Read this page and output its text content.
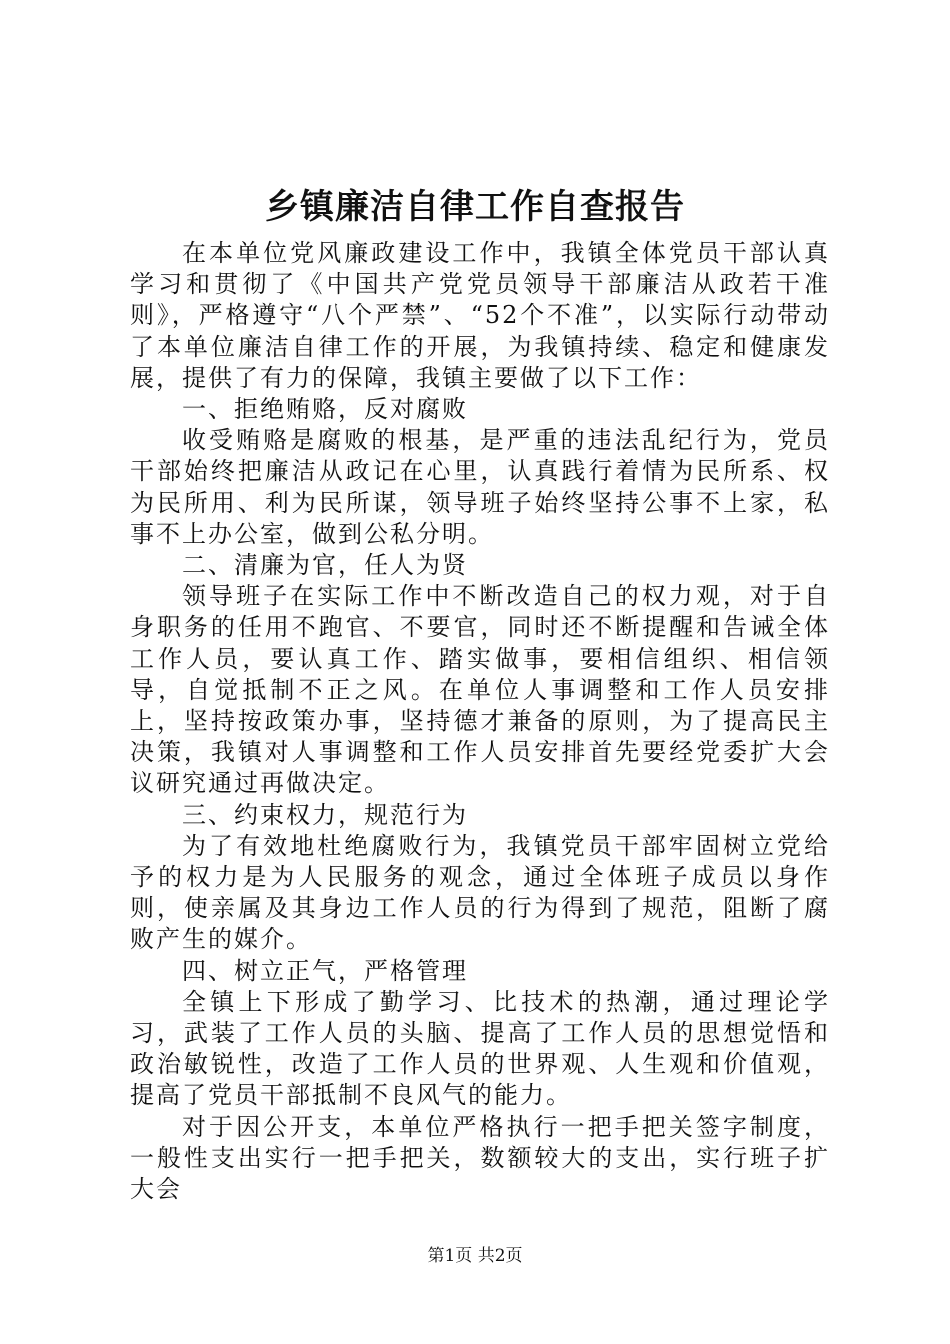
乡镇廉洁自律工作自查报告

在本单位党风廉政建设工作中，我镇全体党员干部认真学习和贯彻了《中国共产党党员领导干部廉洁从政若干准则》，严格遵守“八个严禁”、“52个不准”，以实际行动带动了本单位廉洁自律工作的开展，为我镇持续、稳定和健康发展，提供了有力的保障，我镇主要做了以下工作：

一、拒绝贿赂，反对腐败

收受贿赂是腐败的根基，是严重的违法乱纪行为，党员干部始终把廉洁从政记在心里，认真践行着情为民所系、权为民所用、利为民所谋，领导班子始终坚持公事不上家，私事不上办公室，做到公私分明。

二、清廉为官，任人为贤

领导班子在实际工作中不断改造自己的权力观，对于自身职务的任用不跑官、不要官，同时还不断提醒和告诫全体工作人员，要认真工作、踏实做事，要相信组织、相信领导，自觉抵制不正之风。在单位人事调整和工作人员安排上，坚持按政策办事，坚持德才兼备的原则，为了提高民主决策，我镇对人事调整和工作人员安排首先要经党委扩大会议研究通过再做决定。

三、约束权力，规范行为

为了有效地杜绝腐败行为，我镇党员干部牢固树立党给予的权力是为人民服务的观念，通过全体班子成员以身作则，使亲属及其身边工作人员的行为得到了规范，阻断了腐败产生的媒介。

四、树立正气，严格管理

全镇上下形成了勤学习、比技术的热潮，通过理论学习，武装了工作人员的头脑、提高了工作人员的思想觉悟和政治敏锐性，改造了工作人员的世界观、人生观和价值观，提高了党员干部抵制不良风气的能力。

对于因公开支，本单位严格执行一把手把关签字制度，一般性支出实行一把手把关，数额较大的支出，实行班子扩大会

第1页 共2页
